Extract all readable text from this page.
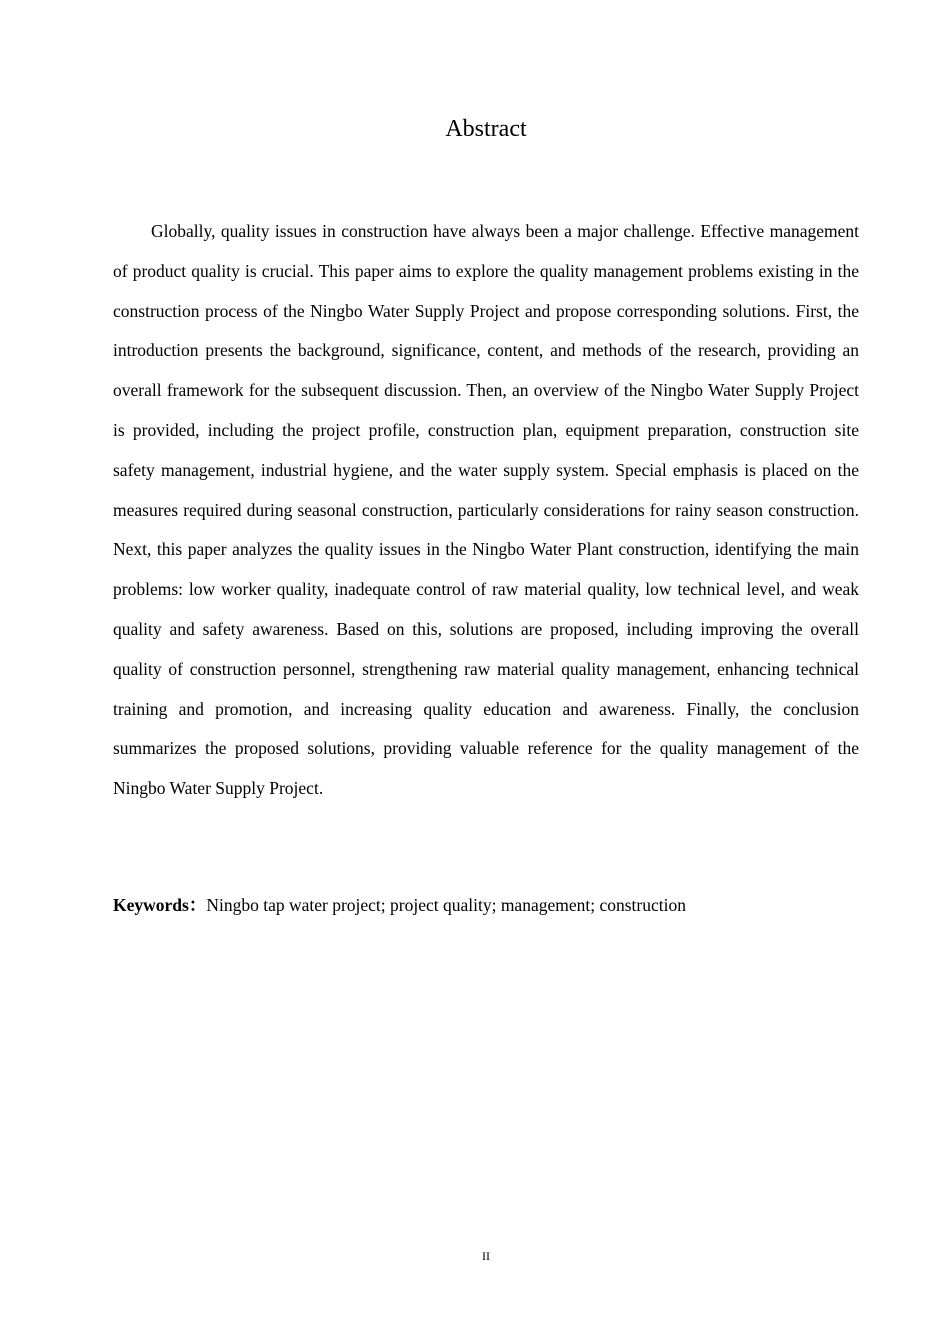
Abstract

Globally, quality issues in construction have always been a major challenge. Effective management of product quality is crucial. This paper aims to explore the quality management problems existing in the construction process of the Ningbo Water Supply Project and propose corresponding solutions. First, the introduction presents the background, significance, content, and methods of the research, providing an overall framework for the subsequent discussion. Then, an overview of the Ningbo Water Supply Project is provided, including the project profile, construction plan, equipment preparation, construction site safety management, industrial hygiene, and the water supply system. Special emphasis is placed on the measures required during seasonal construction, particularly considerations for rainy season construction. Next, this paper analyzes the quality issues in the Ningbo Water Plant construction, identifying the main problems: low worker quality, inadequate control of raw material quality, low technical level, and weak quality and safety awareness. Based on this, solutions are proposed, including improving the overall quality of construction personnel, strengthening raw material quality management, enhancing technical training and promotion, and increasing quality education and awareness. Finally, the conclusion summarizes the proposed solutions, providing valuable reference for the quality management of the Ningbo Water Supply Project.

Keywords：Ningbo tap water project; project quality; management; construction

II
